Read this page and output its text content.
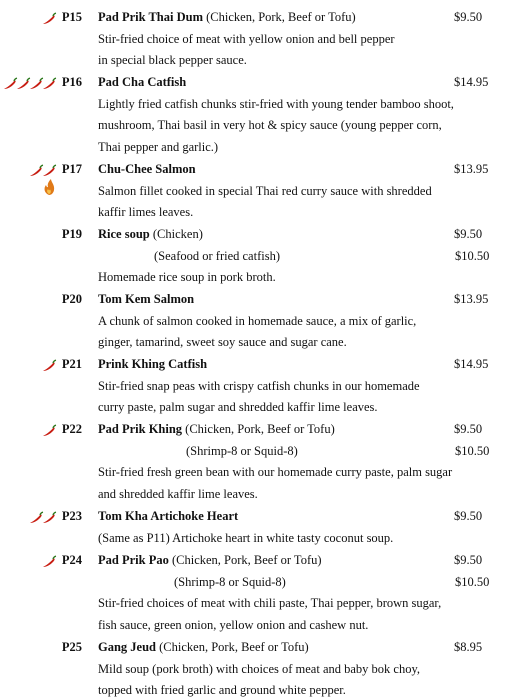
P15 Pad Prik Thai Dum (Chicken, Pork, Beef or Tofu)	$9.50
Stir-fried choice of meat with yellow onion and bell pepper
in special black pepper sauce.
P16 Pad Cha Catfish	$14.95
Lightly fried catfish chunks stir-fried with young tender bamboo shoot,
mushroom, Thai basil in very hot & spicy sauce (young pepper corn,
Thai pepper and garlic.)
P17 Chu-Chee Salmon	$13.95
Salmon fillet cooked in special Thai red curry sauce with shredded
kaffir limes leaves.
P19 Rice soup (Chicken)	$9.50
(Seafood or fried catfish)	$10.50
Homemade rice soup in pork broth.
P20 Tom Kem Salmon	$13.95
A chunk of salmon cooked in homemade sauce, a mix of garlic,
ginger, tamarind, sweet soy sauce and sugar cane.
P21 Prink Khing Catfish	$14.95
Stir-fried snap peas with crispy catfish chunks in our homemade
curry paste, palm sugar and shredded kaffir lime leaves.
P22 Pad Prik Khing (Chicken, Pork, Beef or Tofu)	$9.50
(Shrimp-8 or Squid-8)	$10.50
Stir-fried fresh green bean with our homemade curry paste, palm sugar
and shredded kaffir lime leaves.
P23 Tom Kha Artichoke Heart	$9.50
(Same as P11) Artichoke heart in white tasty coconut soup.
P24 Pad Prik Pao (Chicken, Pork, Beef or Tofu)	$9.50
(Shrimp-8 or Squid-8)	$10.50
Stir-fried choices of meat with chili paste, Thai pepper, brown sugar,
fish sauce, green onion, yellow onion and cashew nut.
P25 Gang Jeud (Chicken, Pork, Beef or Tofu)	$8.95
Mild soup (pork broth) with choices of meat and baby bok choy,
topped with fried garlic and ground white pepper.
